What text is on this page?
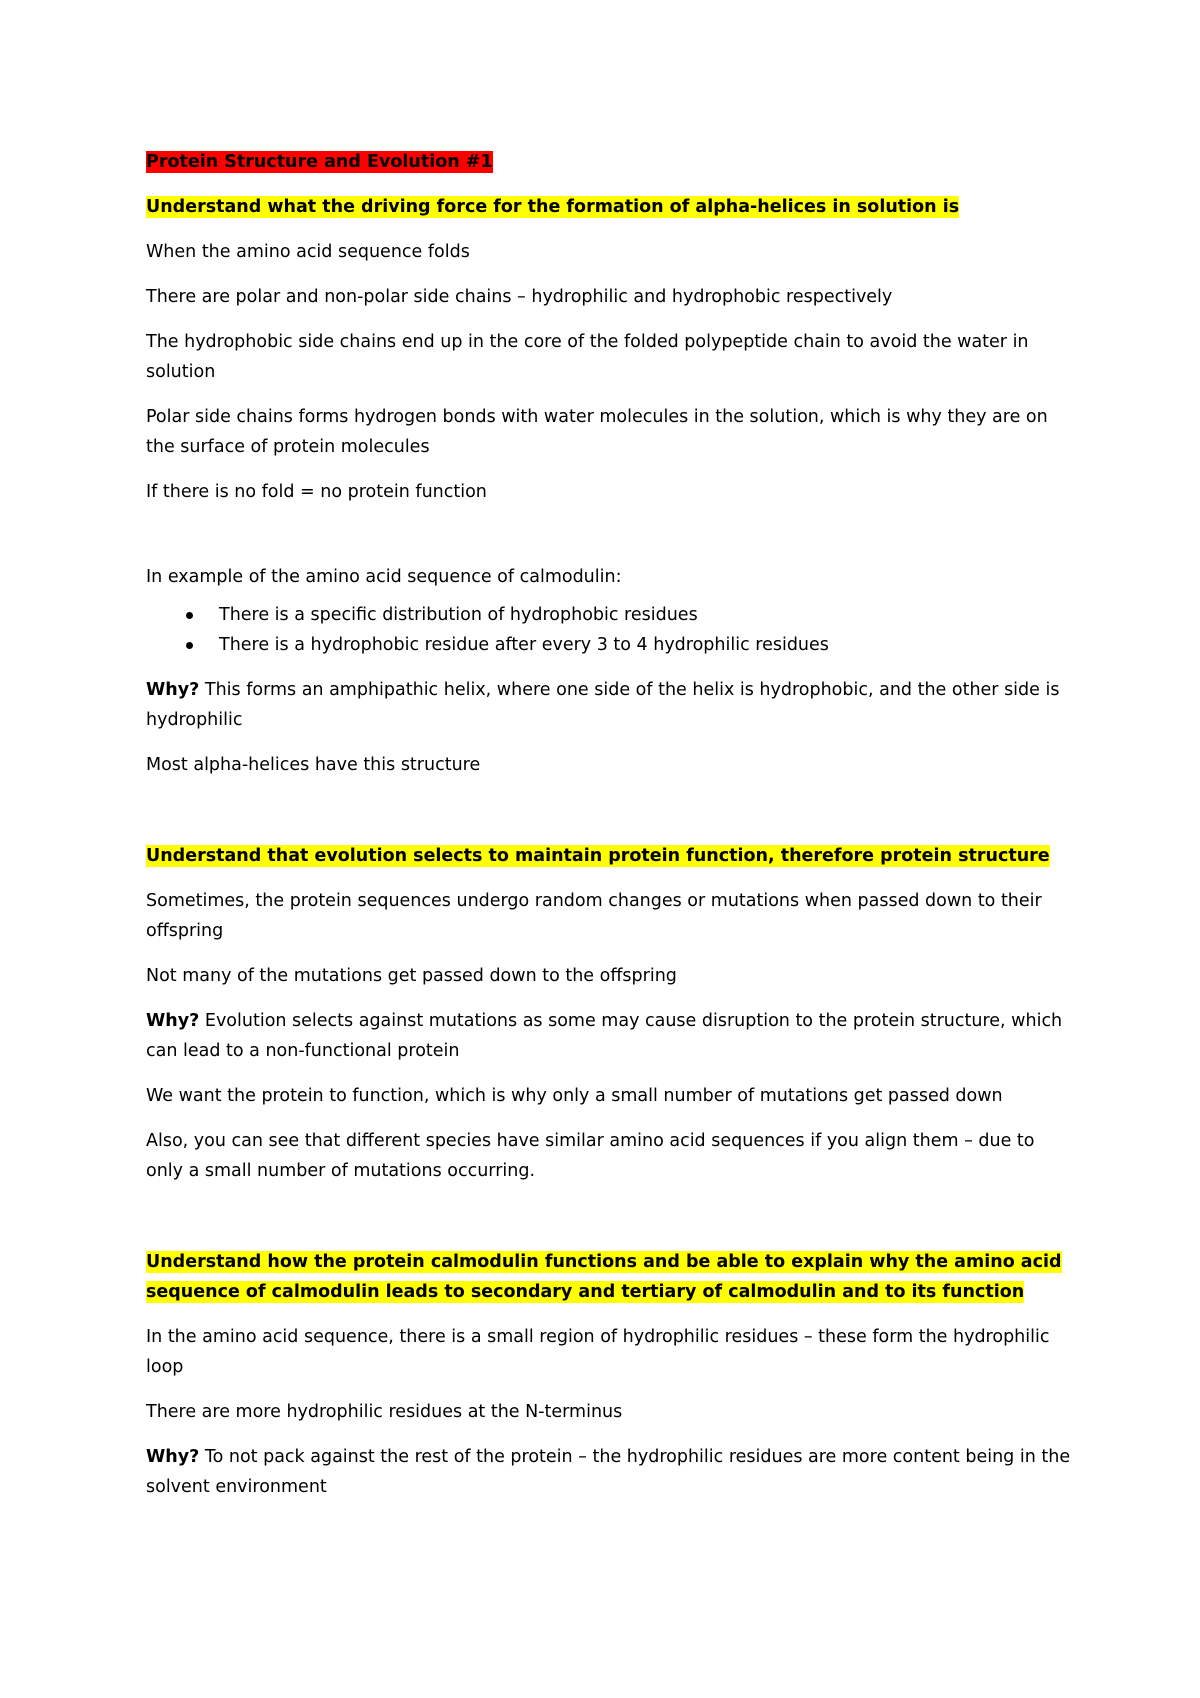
Protein Structure and Evolution #1

Understand what the driving force for the formation of alpha-helices in solution is

When the amino acid sequence folds

There are polar and non-polar side chains – hydrophilic and hydrophobic respectively

The hydrophobic side chains end up in the core of the folded polypeptide chain to avoid the water in solution

Polar side chains forms hydrogen bonds with water molecules in the solution, which is why they are on the surface of protein molecules

If there is no fold = no protein function

In example of the amino acid sequence of calmodulin:

There is a specific distribution of hydrophobic residues
There is a hydrophobic residue after every 3 to 4 hydrophilic residues

Why? This forms an amphipathic helix, where one side of the helix is hydrophobic, and the other side is hydrophilic

Most alpha-helices have this structure

Understand that evolution selects to maintain protein function, therefore protein structure

Sometimes, the protein sequences undergo random changes or mutations when passed down to their offspring

Not many of the mutations get passed down to the offspring

Why? Evolution selects against mutations as some may cause disruption to the protein structure, which can lead to a non-functional protein

We want the protein to function, which is why only a small number of mutations get passed down

Also, you can see that different species have similar amino acid sequences if you align them – due to only a small number of mutations occurring.

Understand how the protein calmodulin functions and be able to explain why the amino acid sequence of calmodulin leads to secondary and tertiary of calmodulin and to its function

In the amino acid sequence, there is a small region of hydrophilic residues – these form the hydrophilic loop

There are more hydrophilic residues at the N-terminus

Why? To not pack against the rest of the protein – the hydrophilic residues are more content being in the solvent environment
